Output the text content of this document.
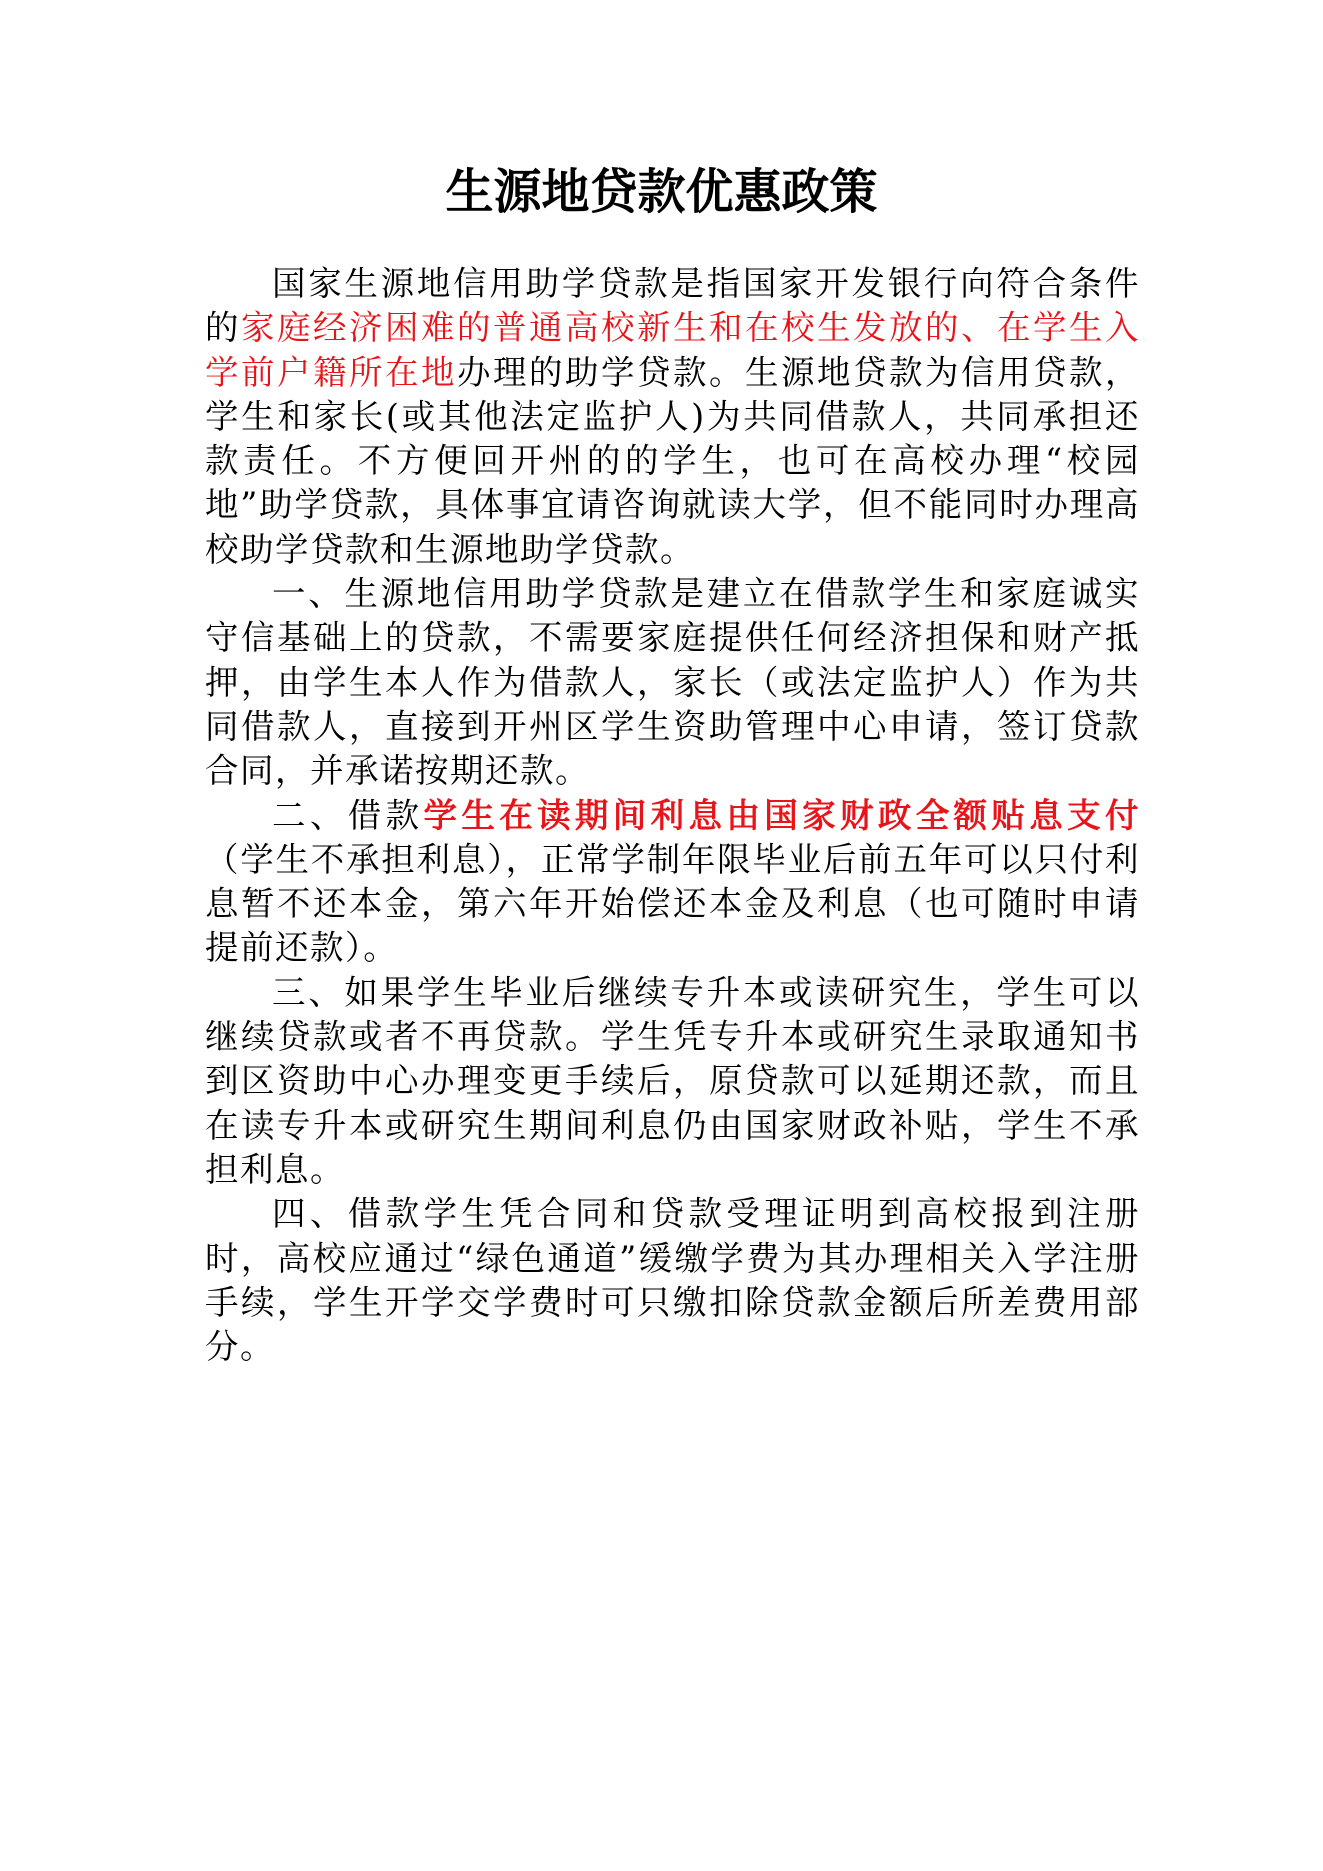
生源地贷款优惠政策

国家生源地信用助学贷款是指国家开发银行向符合条件的家庭经济困难的普通高校新生和在校生发放的、在学生入学前户籍所在地办理的助学贷款。生源地贷款为信用贷款，学生和家长(或其他法定监护人)为共同借款人，共同承担还款责任。不方便回开州的的学生，也可在高校办理“校园地”助学贷款，具体事宜请咨询就读大学，但不能同时办理高校助学贷款和生源地助学贷款。

一、生源地信用助学贷款是建立在借款学生和家庭诚实守信基础上的贷款，不需要家庭提供任何经济担保和财产抵押，由学生本人作为借款人，家长（或法定监护人）作为共同借款人，直接到开州区学生资助管理中心申请，签订贷款合同，并承诺按期还款。

二、借款学生在读期间利息由国家财政全额贴息支付（学生不承担利息），正常学制年限毕业后前五年可以只付利息暂不还本金，第六年开始偿还本金及利息（也可随时申请提前还款）。

三、如果学生毕业后继续专升本或读研究生，学生可以继续贷款或者不再贷款。学生凭专升本或研究生录取通知书到区资助中心办理变更手续后，原贷款可以延期还款，而且在读专升本或研究生期间利息仍由国家财政补贴，学生不承担利息。

四、借款学生凭合同和贷款受理证明到高校报到注册时，高校应通过“绿色通道”缓缴学费为其办理相关入学注册手续，学生开学交学费时可只缴扣除贷款金额后所差费用部分。
